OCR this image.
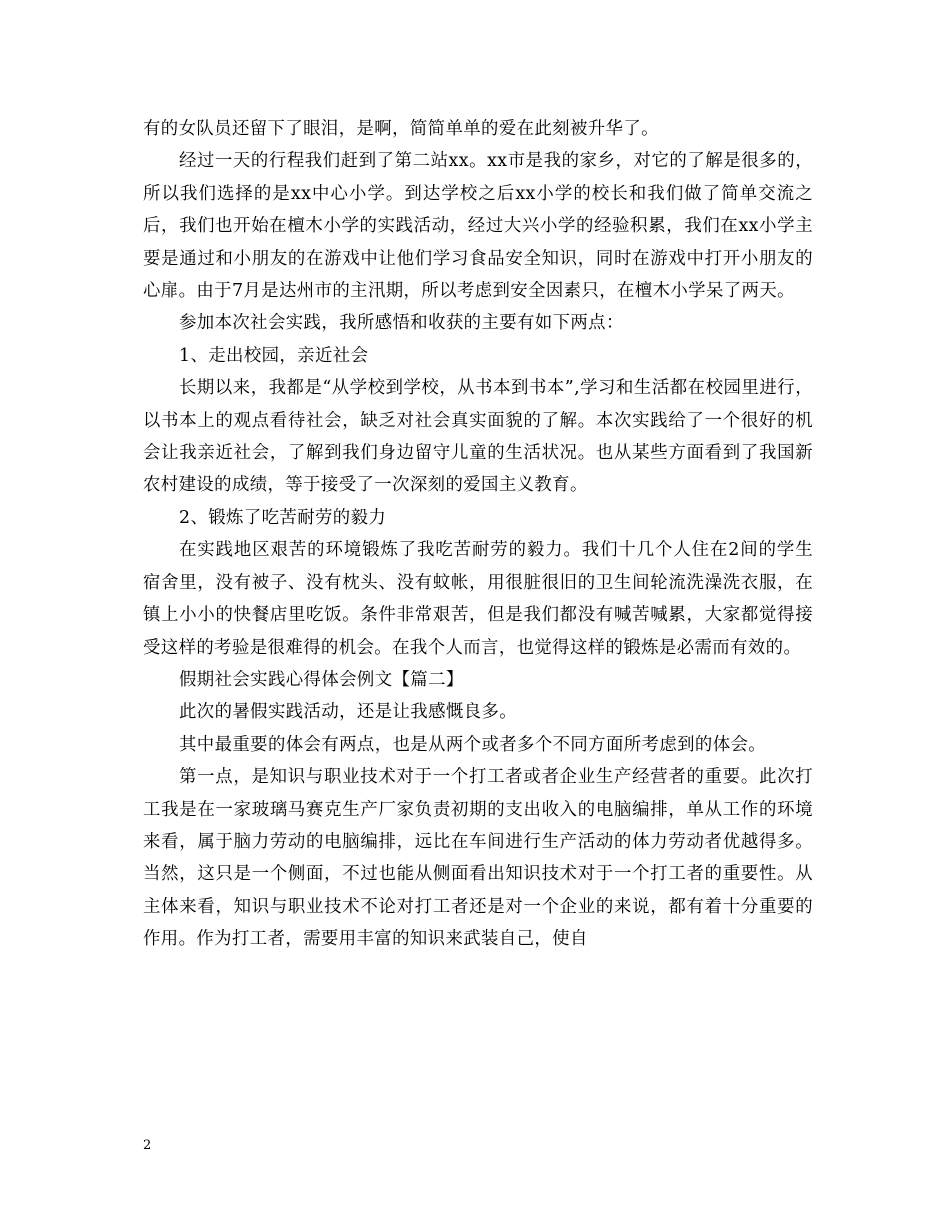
有的女队员还留下了眼泪，是啊，简简单单的爱在此刻被升华了。

经过一天的行程我们赶到了第二站xx。xx市是我的家乡，对它的了解是很多的，所以我们选择的是xx中心小学。到达学校之后xx小学的校长和我们做了简单交流之后，我们也开始在檀木小学的实践活动，经过大兴小学的经验积累，我们在xx小学主要是通过和小朋友的在游戏中让他们学习食品安全知识，同时在游戏中打开小朋友的心扉。由于7月是达州市的主汛期，所以考虑到安全因素只，在檀木小学呆了两天。

参加本次社会实践，我所感悟和收获的主要有如下两点：

1、走出校园，亲近社会

长期以来，我都是“从学校到学校，从书本到书本”,学习和生活都在校园里进行，以书本上的观点看待社会，缺乏对社会真实面貌的了解。本次实践给了一个很好的机会让我亲近社会，了解到我们身边留守儿童的生活状况。也从某些方面看到了我国新农村建设的成绩，等于接受了一次深刻的爱国主义教育。

2、锻炼了吃苦耐劳的毅力

在实践地区艰苦的环境锻炼了我吃苦耐劳的毅力。我们十几个人住在2间的学生宿舍里，没有被子、没有枕头、没有蚊帐，用很脏很旧的卫生间轮流洗澡洗衣服，在镇上小小的快餐店里吃饭。条件非常艰苦，但是我们都没有喊苦喊累，大家都觉得接受这样的考验是很难得的机会。在我个人而言，也觉得这样的锻炼是必需而有效的。

假期社会实践心得体会例文【篇二】

此次的暑假实践活动，还是让我感慨良多。

其中最重要的体会有两点，也是从两个或者多个不同方面所考虑到的体会。

第一点，是知识与职业技术对于一个打工者或者企业生产经营者的重要。此次打工我是在一家玻璃马赛克生产厂家负责初期的支出收入的电脑编排，单从工作的环境来看，属于脑力劳动的电脑编排，远比在车间进行生产活动的体力劳动者优越得多。当然，这只是一个侧面，不过也能从侧面看出知识技术对于一个打工者的重要性。从主体来看，知识与职业技术不论对打工者还是对一个企业的来说，都有着十分重要的作用。作为打工者，需要用丰富的知识来武装自己，使自

2
